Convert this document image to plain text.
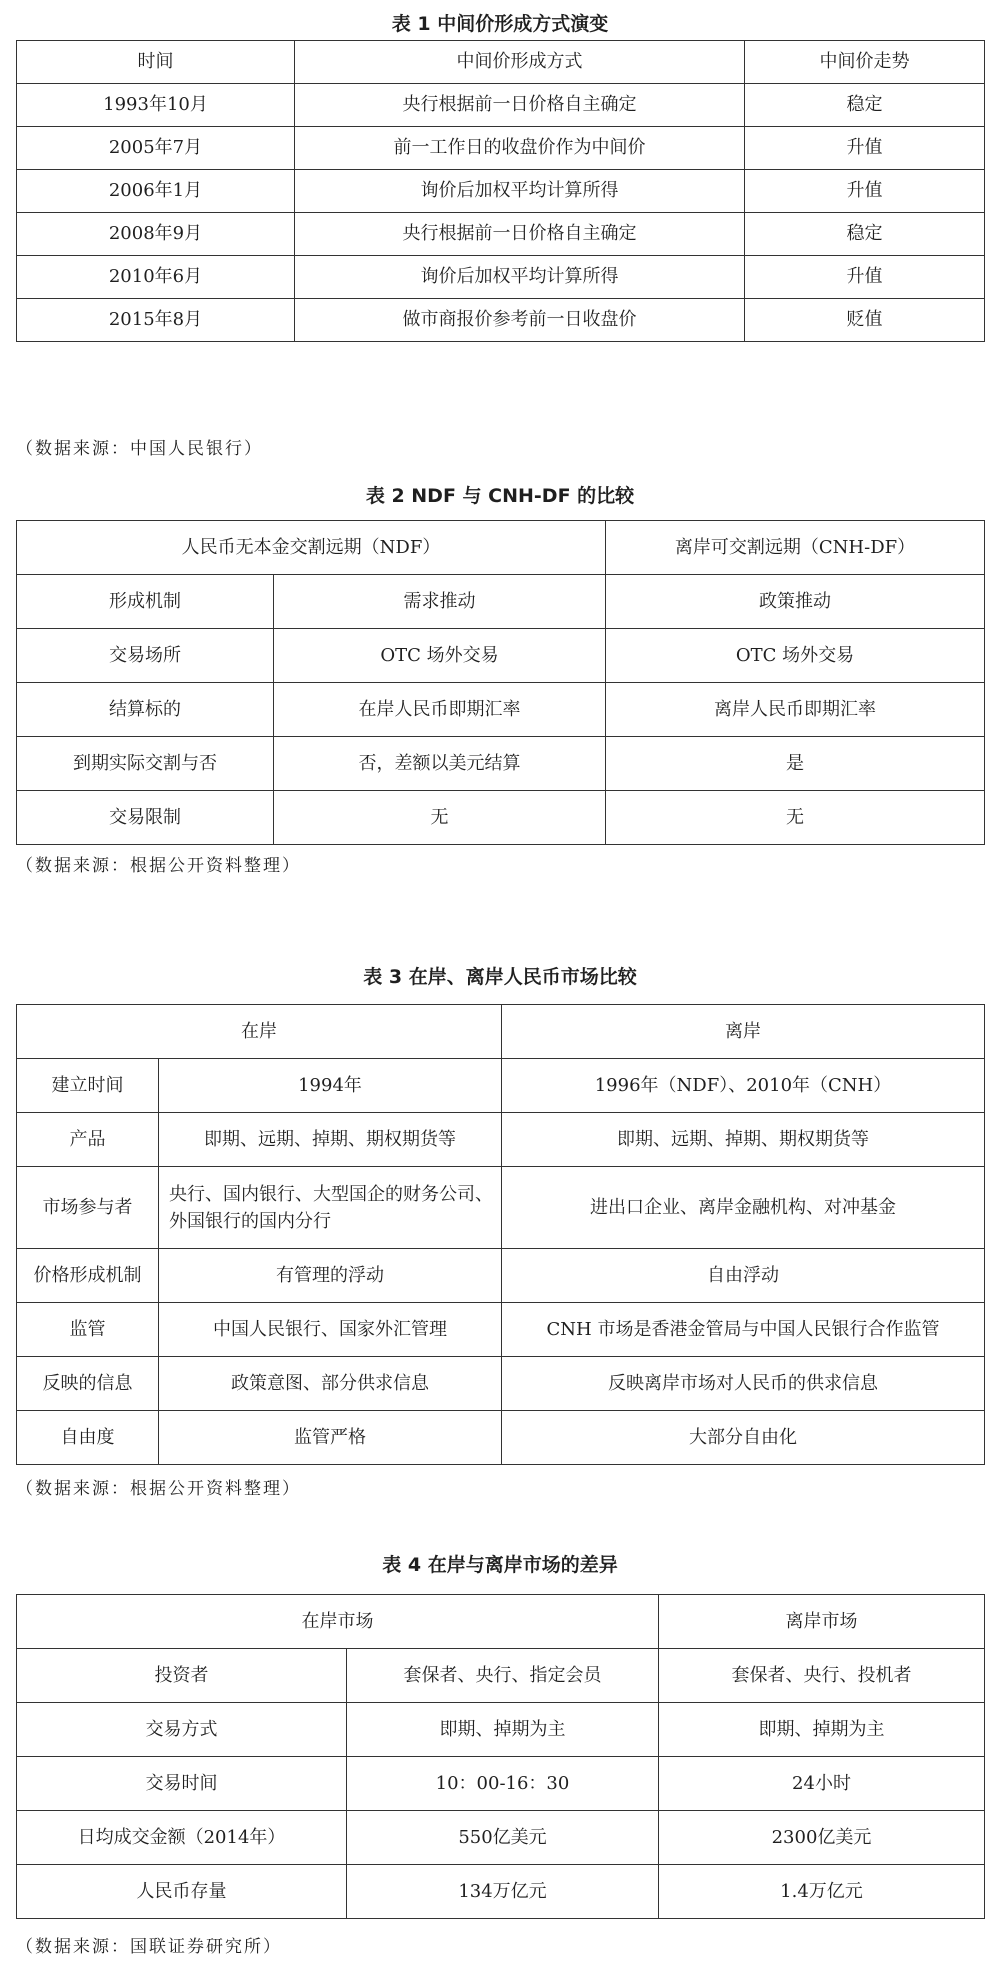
表 1 中间价形成方式演变

时间	中间价形成方式	中间价走势
1993年10月	央行根据前一日价格自主确定	稳定
2005年7月	前一工作日的收盘价作为中间价	升值
2006年1月	询价后加权平均计算所得	升值
2008年9月	央行根据前一日价格自主确定	稳定
2010年6月	询价后加权平均计算所得	升值
2015年8月	做市商报价参考前一日收盘价	贬值

（数据来源：中国人民银行）

表 2 NDF 与 CNH-DF 的比较

人民币无本金交割远期（NDF）		离岸可交割远期（CNH-DF）
形成机制	需求推动	政策推动
交易场所	OTC 场外交易	OTC 场外交易
结算标的	在岸人民币即期汇率	离岸人民币即期汇率
到期实际交割与否	否，差额以美元结算	是
交易限制	无	无

（数据来源：根据公开资料整理）

表 3 在岸、离岸人民币市场比较

在岸		离岸
建立时间	1994年	1996年（NDF）、2010年（CNH）
产品	即期、远期、掉期、期权期货等	即期、远期、掉期、期权期货等
市场参与者	央行、国内银行、大型国企的财务公司、外国银行的国内分行	进出口企业、离岸金融机构、对冲基金
价格形成机制	有管理的浮动	自由浮动
监管	中国人民银行、国家外汇管理	CNH 市场是香港金管局与中国人民银行合作监管
反映的信息	政策意图、部分供求信息	反映离岸市场对人民币的供求信息
自由度	监管严格	大部分自由化

（数据来源：根据公开资料整理）

表 4 在岸与离岸市场的差异

在岸市场		离岸市场
投资者	套保者、央行、指定会员	套保者、央行、投机者
交易方式	即期、掉期为主	即期、掉期为主
交易时间	10：00-16：30	24小时
日均成交金额（2014年）	550亿美元	2300亿美元
人民币存量	134万亿元	1.4万亿元

（数据来源：国联证券研究所）
